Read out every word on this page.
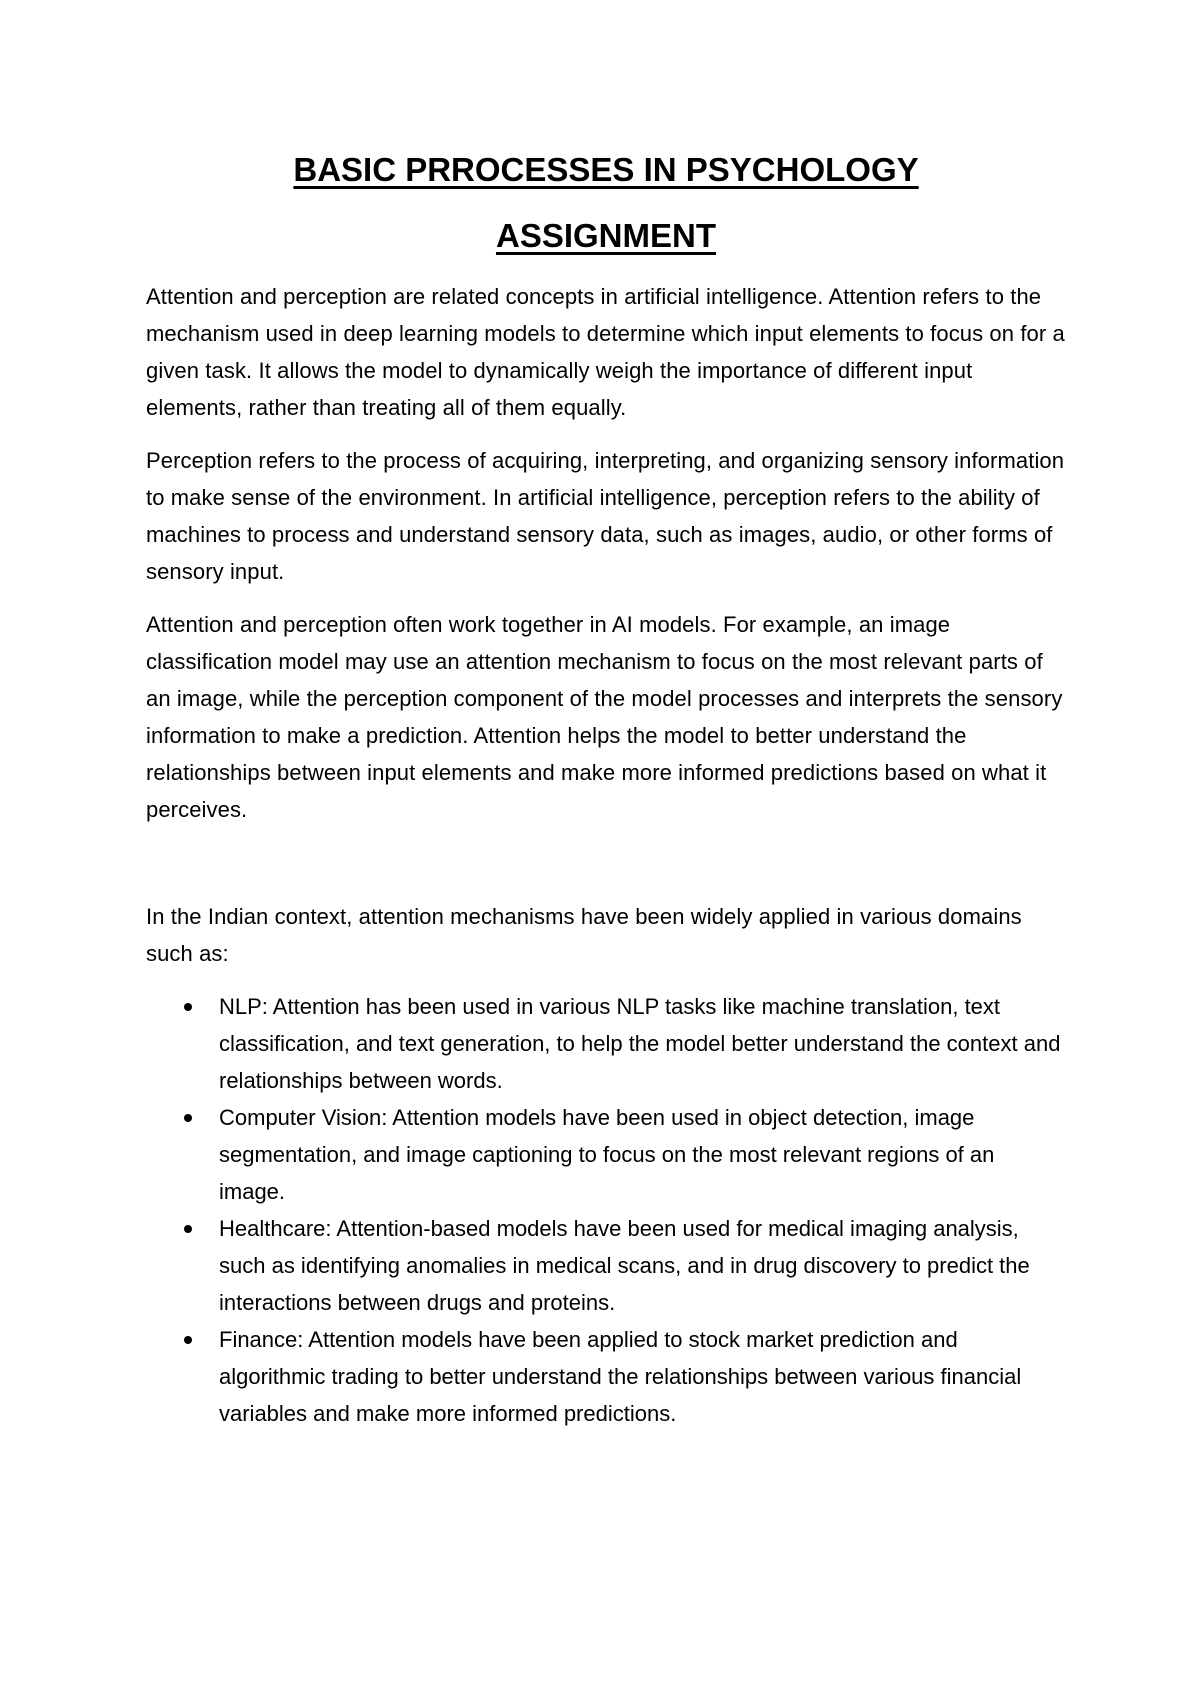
BASIC PRROCESSES IN PSYCHOLOGY
ASSIGNMENT

Attention and perception are related concepts in artificial intelligence. Attention refers to the mechanism used in deep learning models to determine which input elements to focus on for a given task. It allows the model to dynamically weigh the importance of different input elements, rather than treating all of them equally.

Perception refers to the process of acquiring, interpreting, and organizing sensory information to make sense of the environment. In artificial intelligence, perception refers to the ability of machines to process and understand sensory data, such as images, audio, or other forms of sensory input.

Attention and perception often work together in AI models. For example, an image classification model may use an attention mechanism to focus on the most relevant parts of an image, while the perception component of the model processes and interprets the sensory information to make a prediction. Attention helps the model to better understand the relationships between input elements and make more informed predictions based on what it perceives.

In the Indian context, attention mechanisms have been widely applied in various domains such as:

NLP: Attention has been used in various NLP tasks like machine translation, text classification, and text generation, to help the model better understand the context and relationships between words.
Computer Vision: Attention models have been used in object detection, image segmentation, and image captioning to focus on the most relevant regions of an image.
Healthcare: Attention-based models have been used for medical imaging analysis, such as identifying anomalies in medical scans, and in drug discovery to predict the interactions between drugs and proteins.
Finance: Attention models have been applied to stock market prediction and algorithmic trading to better understand the relationships between various financial variables and make more informed predictions.
